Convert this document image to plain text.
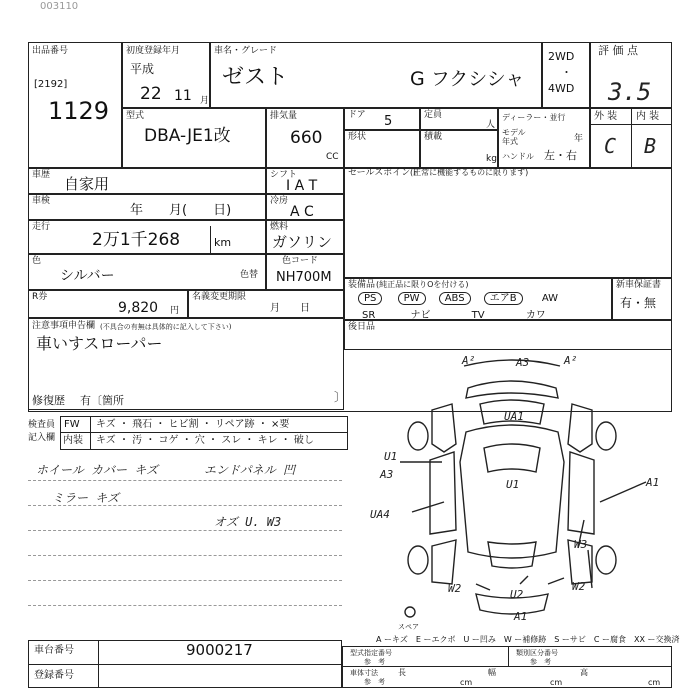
003110
出品番号
[2192]
1129
初度登録年月
平成
22 11 月
車名・グレード
ゼスト	G フクシシャ
2WD
・
4WD
評 価 点
3.5
型式
DBA-JE1改
排気量
660
CC
ドア 5	定員
人
形状	積載
kg
ディーラー・並行
モデル年式	年
ハンドル 左・右
外 装 内 装
C B
車歴 自家用	シフト
I A T
車検
年　　月(　　日)
冷房
A C
走行
2万1千268	km
燃料
ガソリン
色
シルバー	色替
色コード
NH700M
R券
9,820 円
名義変更期限
月　　日
注意事項申告欄 (不具合の有無は具体的に記入して下さい)
車いすスローパー
修復歴 有〔箇所	〕
セールスポイント
(正常に機能するものに限ります)
装備品 (純正品に限りOを付ける)
PS	PW	ABS	エアB	AW
SR	ナビ	TV	カワ
新車保証書
有・無
後日品
検査員
記入欄
FW キズ ・ 飛石 ・ ヒビ割 ・ リペア跡 ・ ×要
内装 キズ ・ 汚 ・ コゲ ・ 穴 ・ スレ ・ キレ ・ 破し
ホイール カバー キズ	エンドパネル 凹
ミラー キズ
オズ U. W3
A²	A3	A²
UA1
U1
A3
U1	A1
UA4
W3
W2	U2
W2
A1
スペア
A ーキズ　E ーエクボ　U ー凹み　W ー補修跡　S ーサビ　C ー腐食　XX ー交換済
車台番号	9000217
登録番号
型式指定番号
参　考
類別区分番号
参　考
車体寸法
参　考
長
cm
幅
cm
高
cm
